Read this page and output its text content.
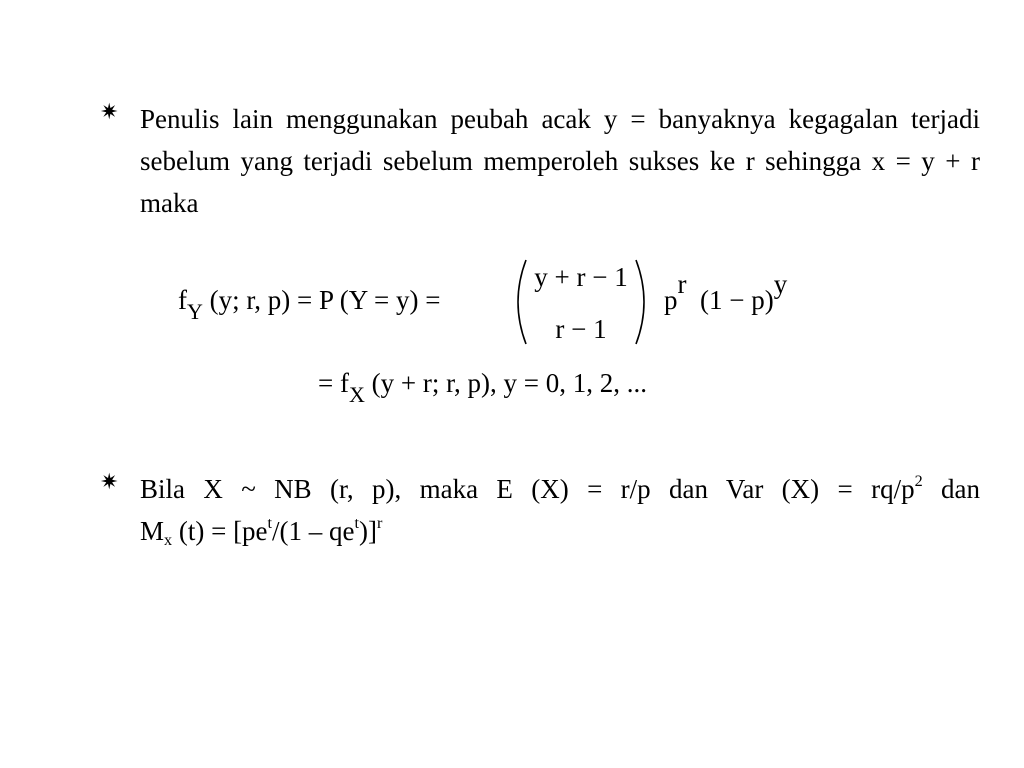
✷ Penulis lain menggunakan peubah acak y = banyaknya kegagalan terjadi sebelum yang terjadi sebelum memperoleh sukses ke r sehingga x = y + r maka
$f_Y$ (y; r, p) = P (Y = y) =
y + r − 1
r − 1
pr  (1 − p)y
= $f_X$ (y + r; r, p), y = 0, 1, 2, ...
✷ Bila X ~ NB (r, p), maka E (X) = r/p dan Var $(X) = rq/p^2$ dan
$M_x$ $(t) = [pe^t/(1 - qe^t)]^r$
